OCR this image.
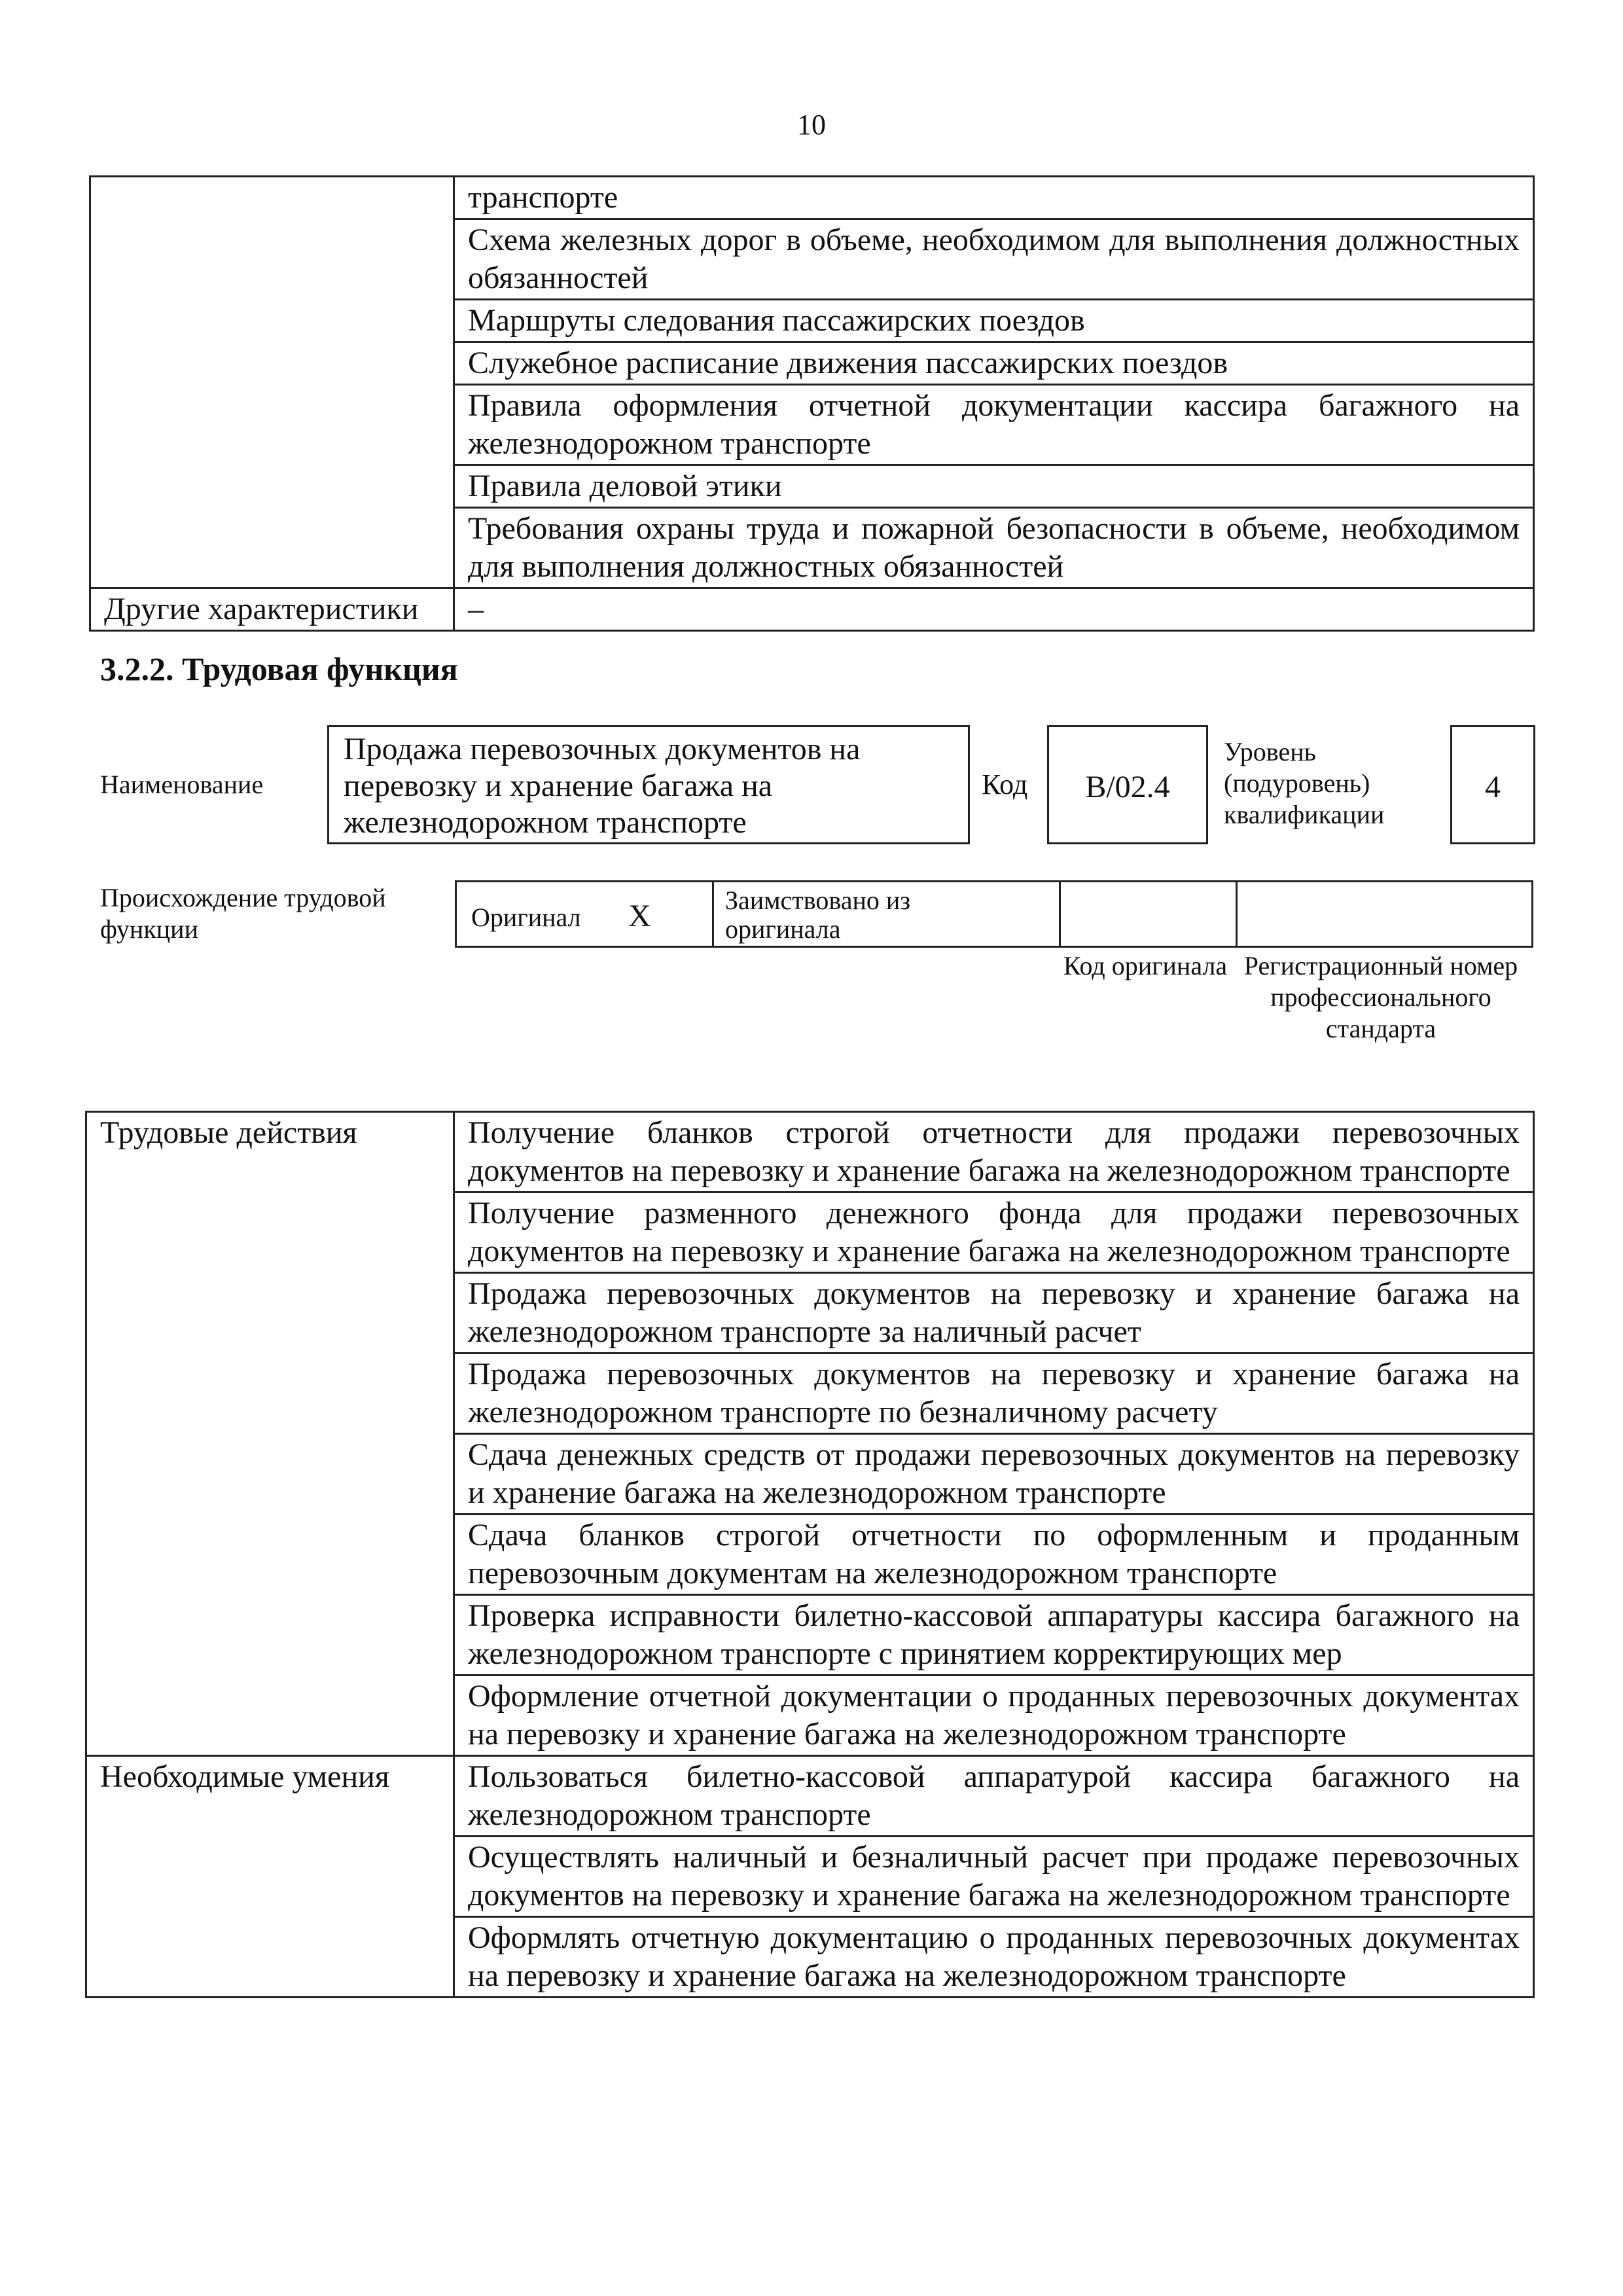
10
	транспорте
	Схема железных дорог в объеме, необходимом для выполнения должностных обязанностей
	Маршруты следования пассажирских поездов
	Служебное расписание движения пассажирских поездов
	Правила оформления отчетной документации кассира багажного на железнодорожном транспорте
	Правила деловой этики
	Требования охраны труда и пожарной безопасности в объеме, необходимом для выполнения должностных обязанностей
Другие характеристики	–
3.2.2. Трудовая функция
Наименование
Продажа перевозочных документов на перевозку и хранение багажа на железнодорожном транспорте
Код	B/02.4
Уровень (подуровень) квалификации
4
Происхождение трудовой функции	Оригинал X	Заимствовано из оригинала
Код оригинала Регистрационный номер профессионального стандарта
Трудовые действия	Получение бланков строгой отчетности для продажи перевозочных документов на перевозку и хранение багажа на железнодорожном транспорте
	Получение разменного денежного фонда для продажи перевозочных документов на перевозку и хранение багажа на железнодорожном транспорте
	Продажа перевозочных документов на перевозку и хранение багажа на железнодорожном транспорте за наличный расчет
	Продажа перевозочных документов на перевозку и хранение багажа на железнодорожном транспорте по безналичному расчету
	Сдача денежных средств от продажи перевозочных документов на перевозку и хранение багажа на железнодорожном транспорте
	Сдача бланков строгой отчетности по оформленным и проданным перевозочным документам на железнодорожном транспорте
	Проверка исправности билетно-кассовой аппаратуры кассира багажного на железнодорожном транспорте с принятием корректирующих мер
	Оформление отчетной документации о проданных перевозочных документах на перевозку и хранение багажа на железнодорожном транспорте
Необходимые умения	Пользоваться билетно-кассовой аппаратурой кассира багажного на железнодорожном транспорте
	Осуществлять наличный и безналичный расчет при продаже перевозочных документов на перевозку и хранение багажа на железнодорожном транспорте
	Оформлять отчетную документацию о проданных перевозочных документах на перевозку и хранение багажа на железнодорожном транспорте
